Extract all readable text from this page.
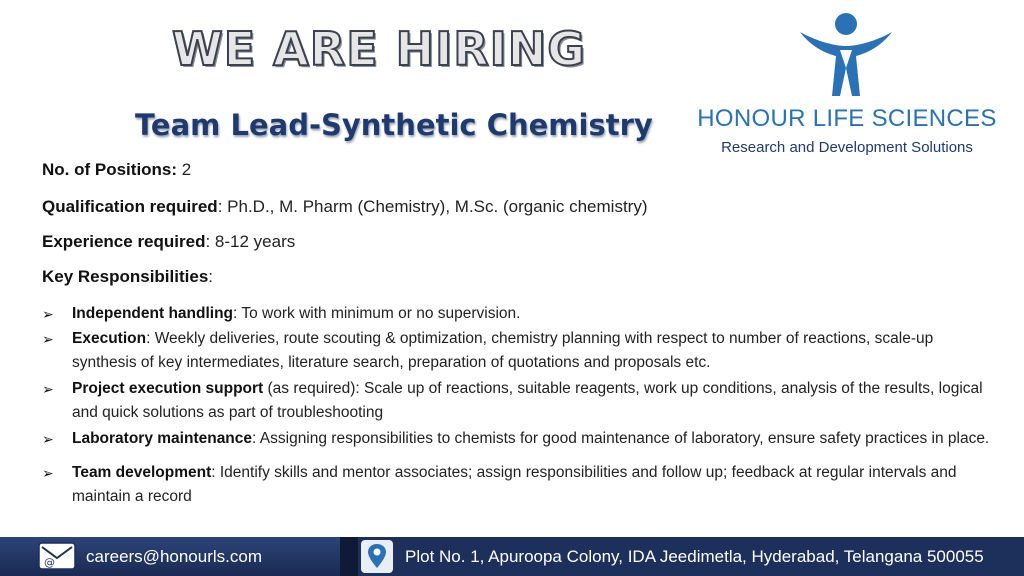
WE ARE HIRING
Team Lead-Synthetic Chemistry	HONOUR LIFE SCIENCES
Research and Development Solutions
No. of Positions: 2
Qualification required: Ph.D., M. Pharm (Chemistry), M.Sc. (organic chemistry)
Experience required: 8-12 years
Key Responsibilities:
➢ Independent handling: To work with minimum or no supervision.
➢ Execution: Weekly deliveries, route scouting & optimization, chemistry planning with respect to number of reactions, scale-up synthesis of key intermediates, literature search, preparation of quotations and proposals etc.
➢ Project execution support (as required): Scale up of reactions, suitable reagents, work up conditions, analysis of the results, logical and quick solutions as part of troubleshooting
➢ Laboratory maintenance: Assigning responsibilities to chemists for good maintenance of laboratory, ensure safety practices in place.
➢ Team development: Identify skills and mentor associates; assign responsibilities and follow up; feedback at regular intervals and maintain a record
@ careers@honourls.com	Plot No. 1, Apuroopa Colony, IDA Jeedimetla, Hyderabad, Telangana 500055
